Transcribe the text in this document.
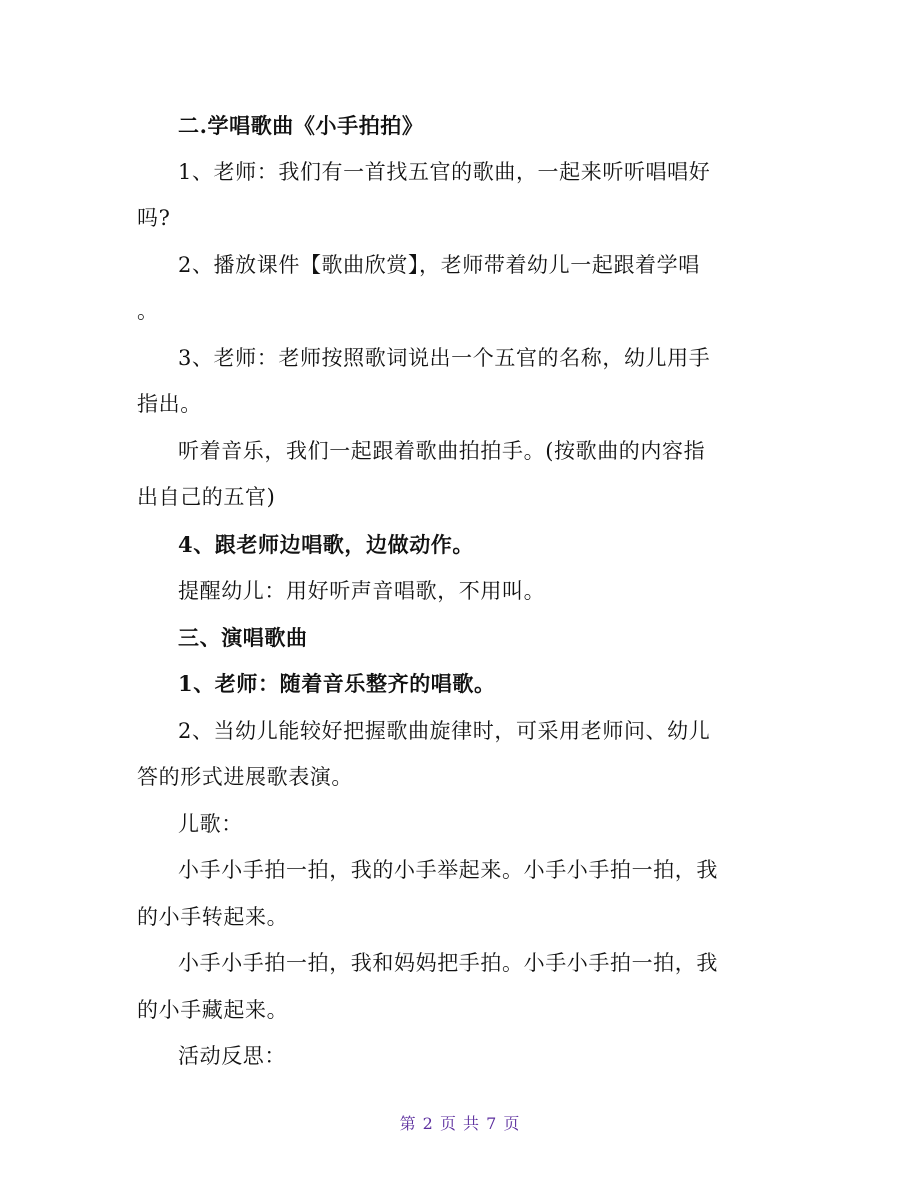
二.学唱歌曲《小手拍拍》
1、老师：我们有一首找五官的歌曲，一起来听听唱唱好
吗?
2、播放课件【歌曲欣赏】，老师带着幼儿一起跟着学唱
。
3、老师：老师按照歌词说出一个五官的名称，幼儿用手
指出。
听着音乐，我们一起跟着歌曲拍拍手。(按歌曲的内容指
出自己的五官)
4、跟老师边唱歌，边做动作。
提醒幼儿：用好听声音唱歌，不用叫。
三、演唱歌曲
1、老师：随着音乐整齐的唱歌。
2、当幼儿能较好把握歌曲旋律时，可采用老师问、幼儿
答的形式进展歌表演。
儿歌：
小手小手拍一拍，我的小手举起来。小手小手拍一拍，我
的小手转起来。
小手小手拍一拍，我和妈妈把手拍。小手小手拍一拍，我
的小手藏起来。
活动反思：
第 2 页 共 7 页
